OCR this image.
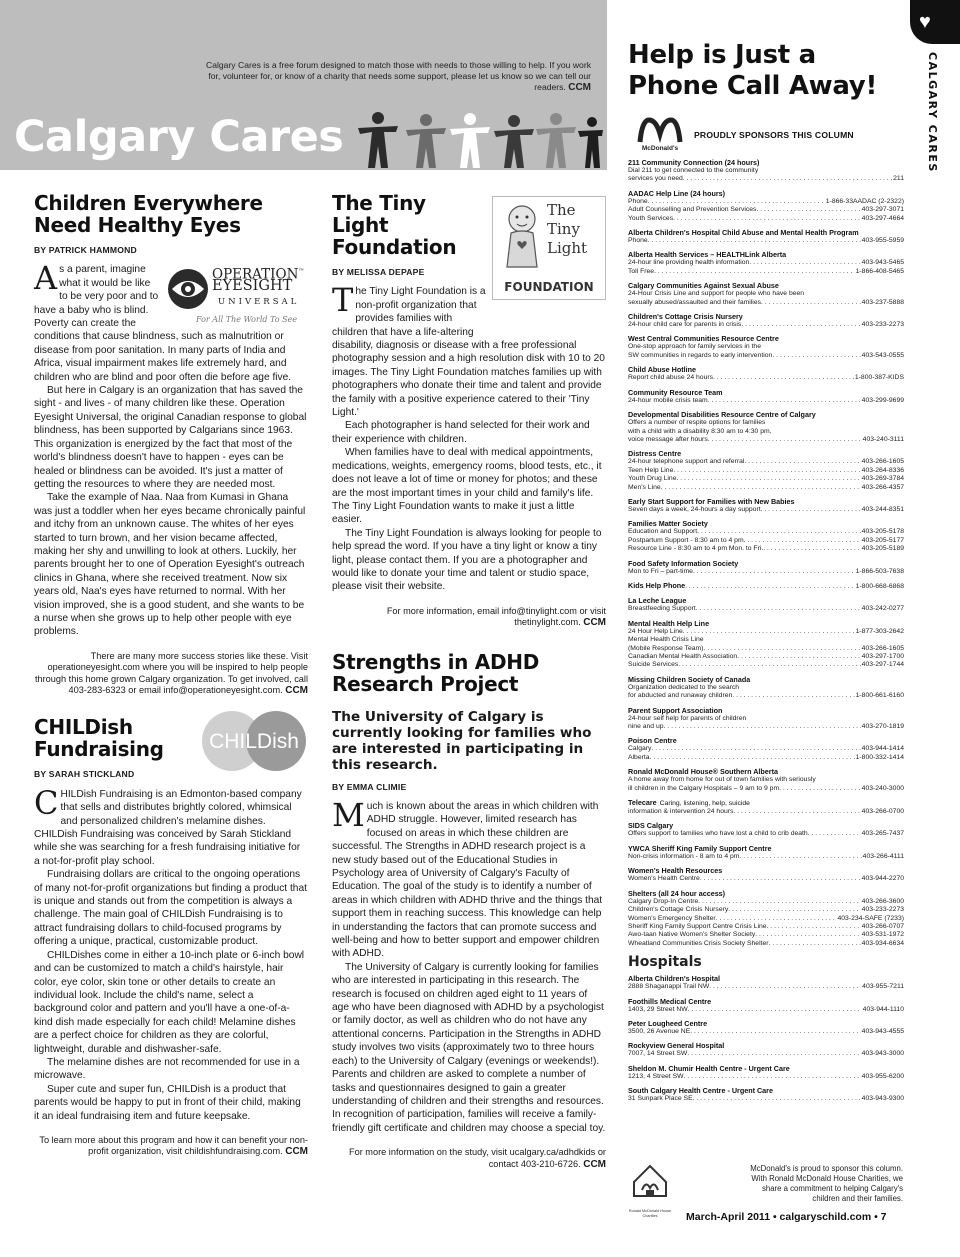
Calgary Cares is a free forum designed to match those with needs to those willing to help. If you work for, volunteer for, or know of a charity that needs some support, please let us know so we can tell our readers. CCM
Calgary Cares
Children Everywhere Need Healthy Eyes
BY PATRICK HAMMOND
OPERATION™
EYESIGHT
UNIVERSAL
For All The World To See

As a parent, imagine what it would be like to be very poor and to have a baby who is blind. Poverty can create the conditions that cause blindness, such as malnutrition or disease from poor sanitation. In many parts of India and Africa, visual impairment makes life extremely hard, and children who are blind and poor often die before age five.

But here in Calgary is an organization that has saved the sight - and lives - of many children like these. Operation Eyesight Universal, the original Canadian response to global blindness, has been supported by Calgarians since 1963. This organization is energized by the fact that most of the world's blindness doesn't have to happen - eyes can be healed or blindness can be avoided. It's just a matter of getting the resources to where they are needed most.

Take the example of Naa. Naa from Kumasi in Ghana was just a toddler when her eyes became chronically painful and itchy from an unknown cause. The whites of her eyes started to turn brown, and her vision became affected, making her shy and unwilling to look at others. Luckily, her parents brought her to one of Operation Eyesight's outreach clinics in Ghana, where she received treatment. Now six years old, Naa's eyes have returned to normal. With her vision improved, she is a good student, and she wants to be a nurse when she grows up to help other people with eye problems.

There are many more success stories like these. Visit operationeyesight.com where you will be inspired to help people through this home grown Calgary organization. To get involved, call 403-283-6323 or email info@operationeyesight.com. CCM
CHILDish
CHILDish Fundraising
BY SARAH STICKLAND

C HILDish Fundraising is an Edmonton-based company that sells and distributes brightly colored, whimsical and personalized children's melamine dishes. CHILDish Fundraising was conceived by Sarah Stickland while she was searching for a fresh fundraising initiative for a not-for-profit play school.

Fundraising dollars are critical to the ongoing operations of many not-for-profit organizations but finding a product that is unique and stands out from the competition is always a challenge. The main goal of CHILDish Fundraising is to attract fundraising dollars to child-focused programs by offering a unique, practical, customizable product.

CHILDishes come in either a 10-inch plate or 6-inch bowl and can be customized to match a child's hairstyle, hair color, eye color, skin tone or other details to create an individual look. Include the child's name, select a background color and pattern and you'll have a one-of-a-kind dish made especially for each child! Melamine dishes are a perfect choice for children as they are colorful, lightweight, durable and dishwasher-safe.

The melamine dishes are not recommended for use in a microwave.

Super cute and super fun, CHILDish is a product that parents would be happy to put in front of their child, making it an ideal fundraising item and future keepsake.

To learn more about this program and how it can benefit your non-profit organization, visit childishfundraising.com. CCM
The
Tiny
Light
FOUNDATION
The Tiny Light Foundation
BY MELISSA DEPAPE

The Tiny Light Foundation is a non-profit organization that provides families with children that have a life-altering disability, diagnosis or disease with a free professional photography session and a high resolution disk with 10 to 20 images. The Tiny Light Foundation matches families up with photographers who donate their time and talent and provide the family with a positive experience catered to their 'Tiny Light.'

Each photographer is hand selected for their work and their experience with children.

When families have to deal with medical appointments, medications, weights, emergency rooms, blood tests, etc., it does not leave a lot of time or money for photos; and these are the most important times in your child and family's life. The Tiny Light Foundation wants to make it just a little easier.

The Tiny Light Foundation is always looking for people to help spread the word. If you have a tiny light or know a tiny light, please contact them. If you are a photographer and would like to donate your time and talent or studio space, please visit their website.

For more information, email info@tinylight.com or visit thetinylight.com. CCM
Strengths in ADHD Research Project
The University of Calgary is currently looking for families who are interested in participating in this research.
BY EMMA CLIMIE

Much is known about the areas in which children with ADHD struggle. However, limited research has focused on areas in which these children are successful. The Strengths in ADHD research project is a new study based out of the Educational Studies in Psychology area of University of Calgary's Faculty of Education. The goal of the study is to identify a number of areas in which children with ADHD thrive and the things that support them in reaching success. This knowledge can help in understanding the factors that can promote success and well-being and how to better support and empower children with ADHD.

The University of Calgary is currently looking for families who are interested in participating in this research. The research is focused on children aged eight to 11 years of age who have been diagnosed with ADHD by a psychologist or family doctor, as well as children who do not have any attentional concerns. Participation in the Strengths in ADHD study involves two visits (approximately two to three hours each) to the University of Calgary (evenings or weekends!). Parents and children are asked to complete a number of tasks and questionnaires designed to gain a greater understanding of children and their strengths and resources. In recognition of participation, families will receive a family-friendly gift certificate and children may choose a special toy.

For more information on the study, visit ucalgary.ca/adhdkids or contact 403-210-6726. CCM
♥
CALGARY CARES
Help is Just a
Phone Call Away!
McDonald's
PROUDLY SPONSORS THIS COLUMN
211 Community Connection (24 hours)
Dial 211 to get connected to the community
services you need . . .	211
AADAC Help Line (24 hours)
Phone . . .	1-866-33AADAC (2-2322)
Adult Counselling and Prevention Services . . .	403-297-3071
Youth Services . . .	403-297-4664
Alberta Children's Hospital Child Abuse and Mental Health Program
Phone . . .	403-955-5959
Alberta Health Services – HEALTHLink Alberta
24-hour line providing health information . . .	403-943-5465
Toll Free . . .	1-866-408-5465
Calgary Communities Against Sexual Abuse
24-Hour Crisis Line and support for people who have been
sexually abused/assaulted and their families . . .	403-237-5888
Children's Cottage Crisis Nursery
24-hour child care for parents in crisis . . .	403-233-2273
West Central Communities Resource Centre
One-stop approach for family services in the
SW communities in regards to early intervention . . .	403-543-0555
Child Abuse Hotline
Report child abuse 24 hours . . .	1-800-387-KIDS
Community Resource Team
24-hour mobile crisis team . . .	403-299-9699
Developmental Disabilities Resource Centre of Calgary
Offers a number of respite options for families
with a child with a disability 8:30 am to 4:30 pm,
voice message after hours . . .	403-240-3111
Distress Centre
24-hour telephone support and referral . . .	403-266-1605
Teen Help Line . . .	403-264-8336
Youth Drug Line . . .	403-269-3784
Men's Line . . .	403-266-4357
Early Start Support for Families with New Babies
Seven days a week, 24-hours a day support . . .	403-244-8351
Families Matter Society
Education and Support . . .	403-205-5178
Postpartum Support - 8:30 am to 4 pm . . .	403-205-5177
Resource Line - 8:30 am to 4 pm Mon. to Fri. . . .	403-205-5189
Food Safety Information Society
Mon to Fri – part-time . . .	1-866-503-7638
Kids Help Phone . . .	1-800-668-6868
La Leche League
Breastfeeding Support . . .	403-242-0277
Mental Health Help Line
24 Hour Help Line . . .	1-877-303-2642
Mental Health Crisis Line
(Mobile Response Team) . . .	403-266-1605
Canadian Mental Health Association . . .	403-297-1700
Suicide Services . . .	403-297-1744
Missing Children Society of Canada
Organization dedicated to the search
for abducted and runaway children . . .	1-800-661-6160
Parent Support Association
24-hour self help for parents of children
nine and up . . .	403-270-1819
Poison Centre
Calgary . . .	403-944-1414
Alberta . . .	1-800-332-1414
Ronald McDonald House® Southern Alberta
A home away from home for out of town families with seriously
ill children in the Calgary Hospitals – 9 am to 9 pm . . .	403-240-3000
Telecare Caring, listening, help, suicide
information & intervention 24 hours . . .	403-266-0700
SIDS Calgary
Offers support to families who have lost a child to crib death . . .	403-265-7437
YWCA Sheriff King Family Support Centre
Non-crisis information - 8 am to 4 pm . . .	403-266-4111
Women's Health Resources
Women's Health Centre . . .	403-944-2270
Shelters (all 24 hour access)
Calgary Drop-In Centre . . .	403-266-3600
Children's Cottage Crisis Nursery . . .	403-233-2273
Women's Emergency Shelter . . .	403-234-SAFE (7233)
Sheriff King Family Support Centre Crisis Line . . .	403-266-0707
Awo-taan Native Women's Shelter Society . . .	403-531-1972
Wheatland Communities Crisis Society Shelter . . .	403-934-6634
Hospitals
Alberta Children's Hospital
2888 Shaganappi Trail NW . . .	403-955-7211
Foothills Medical Centre
1403, 29 Street NW . . .	403-944-1110
Peter Lougheed Centre
3500, 26 Avenue NE . . .	403-943-4555
Rockyview General Hospital
7007, 14 Street SW . . .	403-943-3000
Sheldon M. Chumir Health Centre - Urgent Care
1213, 4 Street SW . . .	403-955-6200
South Calgary Health Centre - Urgent Care
31 Sunpark Place SE . . .	403-943-9300
Ronald McDonald House Charities
McDonald's is proud to sponsor this column. With Ronald McDonald House Charities, we share a commitment to helping Calgary's children and their families.
March-April 2011 • calgaryschild.com • 7
